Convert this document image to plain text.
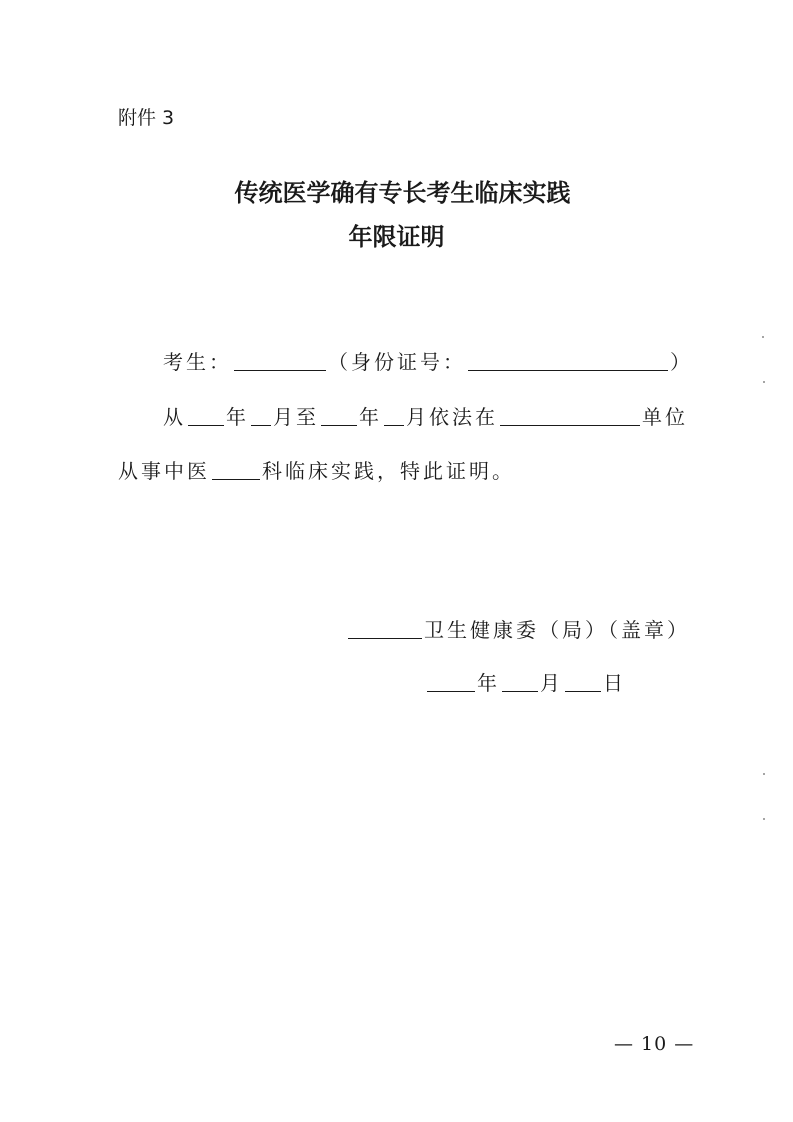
附件 3
传统医学确有专长考生临床实践
年限证明
考生：	（身份证号：	）
从 年 月至 年 月依法在	单位
从事中医	科临床实践，特此证明。
卫生健康委（局）（盖章）
年 月 日
— 10 —
